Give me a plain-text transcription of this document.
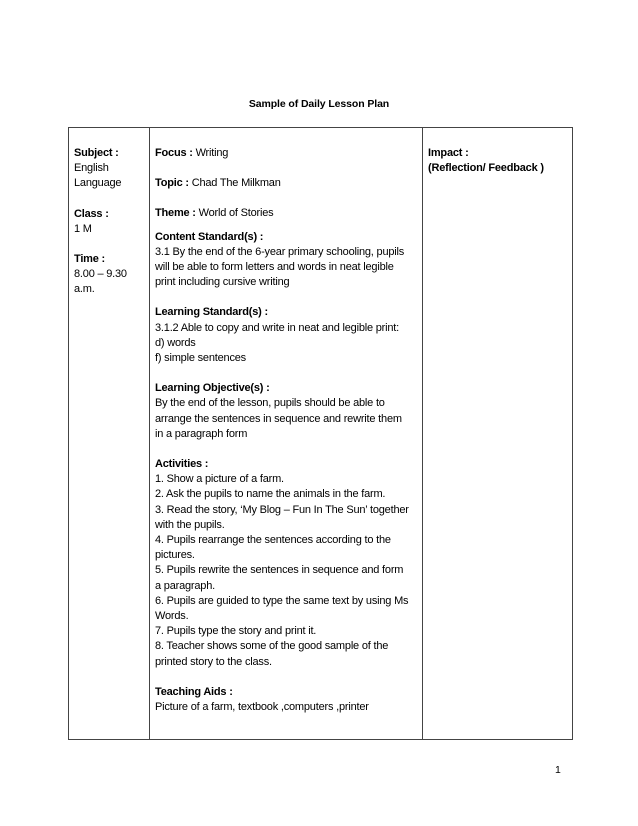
Sample of Daily Lesson Plan
Subject :
English
Language
Class :
1 M
Time :
8.00 – 9.30
a.m.

Focus : Writing
Topic : Chad The Milkman
Theme : World of Stories
Content Standard(s) :
3.1 By the end of the 6-year primary schooling, pupils
will be able to form letters and words in neat legible
print including cursive writing
Learning Standard(s) :
3.1.2 Able to copy and write in neat and legible print:
d) words
f) simple sentences
Learning Objective(s) :
By the end of the lesson, pupils should be able to
arrange the sentences in sequence and rewrite them
in a paragraph form
Activities :
1. Show a picture of a farm.
2. Ask the pupils to name the animals in the farm.
3. Read the story, ‘My Blog – Fun In The Sun’ together
with the pupils.
4. Pupils rearrange the sentences according to the
pictures.
5. Pupils rewrite the sentences in sequence and form
a paragraph.
6. Pupils are guided to type the same text by using Ms
Words.
7. Pupils type the story and print it.
8. Teacher shows some of the good sample of the
printed story to the class.
Teaching Aids :
Picture of a farm, textbook ,computers ,printer

Impact :
(Reflection/ Feedback )
1
